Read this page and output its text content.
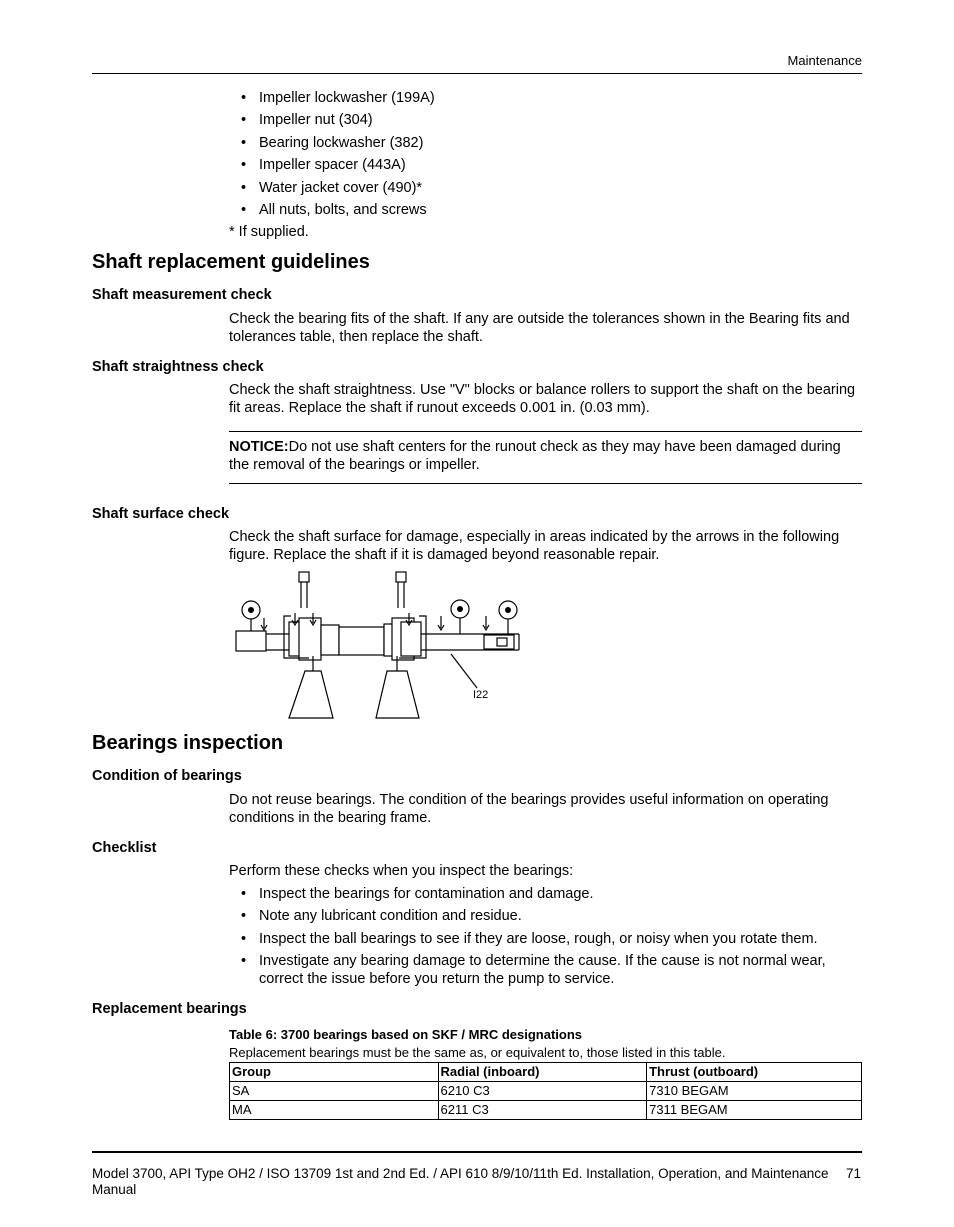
Maintenance
• Impeller lockwasher (199A)
• Impeller nut (304)
• Bearing lockwasher (382)
• Impeller spacer (443A)
• Water jacket cover (490)*
• All nuts, bolts, and screws
* If supplied.
Shaft replacement guidelines
Shaft measurement check
Check the bearing fits of the shaft. If any are outside the tolerances shown in the Bearing fits and tolerances table, then replace the shaft.
Shaft straightness check
Check the shaft straightness. Use "V" blocks or balance rollers to support the shaft on the bearing fit areas. Replace the shaft if runout exceeds 0.001 in. (0.03 mm).
NOTICE:Do not use shaft centers for the runout check as they may have been damaged during the removal of the bearings or impeller.
Shaft surface check
Check the shaft surface for damage, especially in areas indicated by the arrows in the following figure. Replace the shaft if it is damaged beyond reasonable repair.
I22
Bearings inspection
Condition of bearings
Do not reuse bearings. The condition of the bearings provides useful information on operating conditions in the bearing frame.
Checklist
Perform these checks when you inspect the bearings:
• Inspect the bearings for contamination and damage.
• Note any lubricant condition and residue.
• Inspect the ball bearings to see if they are loose, rough, or noisy when you rotate them.
• Investigate any bearing damage to determine the cause. If the cause is not normal wear, correct the issue before you return the pump to service.
Replacement bearings
Table 6: 3700 bearings based on SKF / MRC designations
Replacement bearings must be the same as, or equivalent to, those listed in this table.
Group	Radial (inboard)	Thrust (outboard)
SA	6210 C3	7310 BEGAM
MA	6211 C3	7311 BEGAM
Model 3700, API Type OH2 / ISO 13709 1st and 2nd Ed. / API 610 8/9/10/11th Ed. Installation, Operation, and Maintenance Manual
71
